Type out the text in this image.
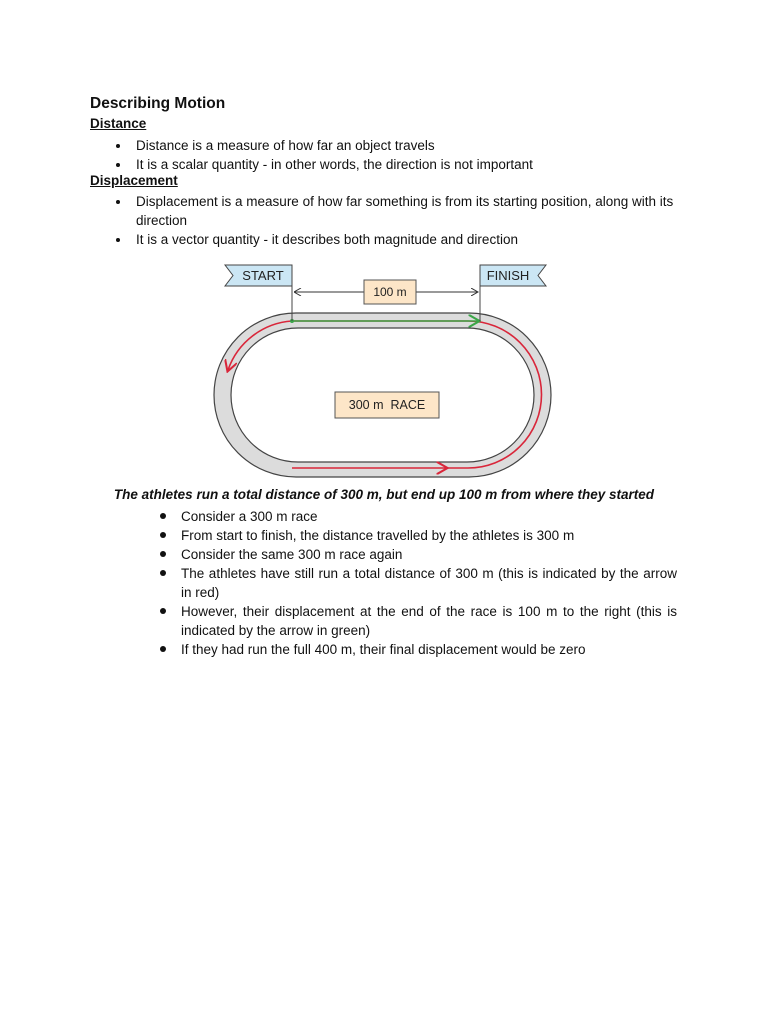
Describing Motion
Distance
Distance is a measure of how far an object travels
It is a scalar quantity - in other words, the direction is not important
Displacement
Displacement is a measure of how far something is from its starting position, along with its direction
It is a vector quantity - it describes both magnitude and direction
100 m
START	FINISH
300 m  RACE

The athletes run a total distance of 300 m, but end up 100 m from where they started

Consider a 300 m race
From start to finish, the distance travelled by the athletes is 300 m
Consider the same 300 m race again
The athletes have still run a total distance of 300 m (this is indicated by the arrow in red)
However, their displacement at the end of the race is 100 m to the right (this is indicated by the arrow in green)
If they had run the full 400 m, their final displacement would be zero
